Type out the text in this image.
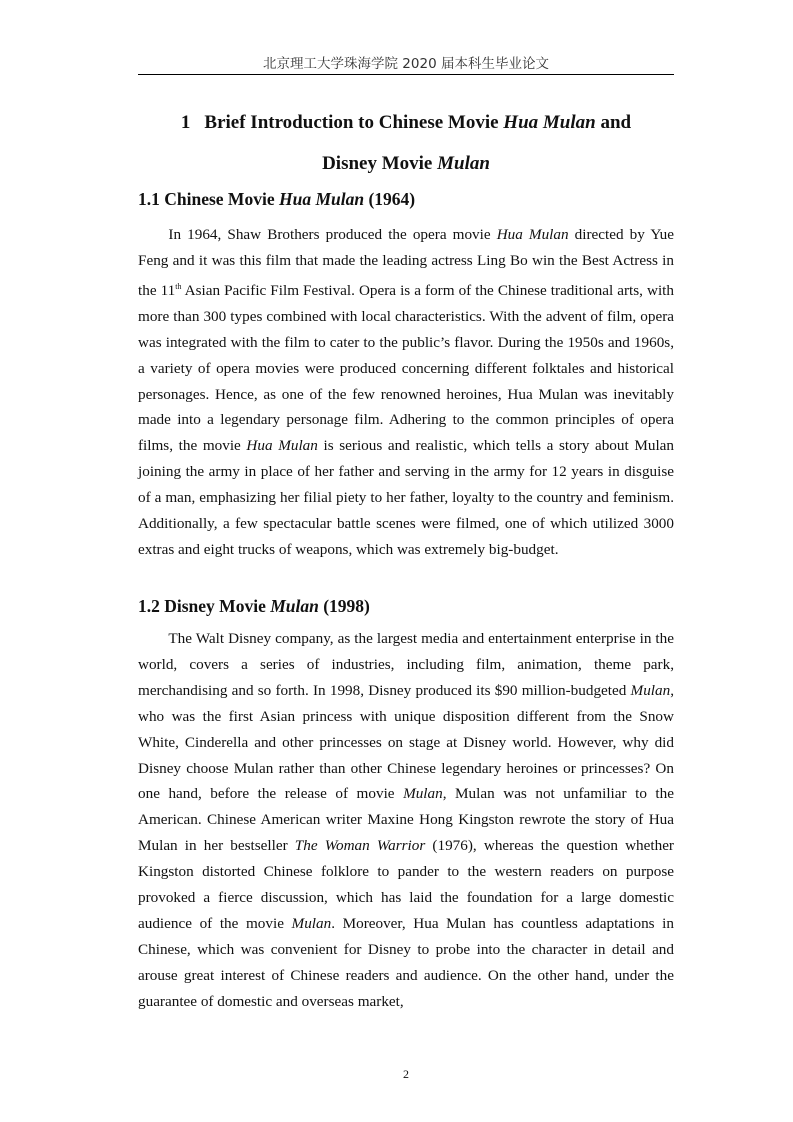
北京理工大学珠海学院 2020 届本科生毕业论文
1 Brief Introduction to Chinese Movie Hua Mulan and
Disney Movie Mulan
1.1 Chinese Movie Hua Mulan (1964)

In 1964, Shaw Brothers produced the opera movie Hua Mulan directed by Yue Feng and it was this film that made the leading actress Ling Bo win the Best Actress in the 11th Asian Pacific Film Festival. Opera is a form of the Chinese traditional arts, with more than 300 types combined with local characteristics. With the advent of film, opera was integrated with the film to cater to the public’s flavor. During the 1950s and 1960s, a variety of opera movies were produced concerning different folktales and historical personages. Hence, as one of the few renowned heroines, Hua Mulan was inevitably made into a legendary personage film. Adhering to the common principles of opera films, the movie Hua Mulan is serious and realistic, which tells a story about Mulan joining the army in place of her father and serving in the army for 12 years in disguise of a man, emphasizing her filial piety to her father, loyalty to the country and feminism. Additionally, a few spectacular battle scenes were filmed, one of which utilized 3000 extras and eight trucks of weapons, which was extremely big-budget.

1.2 Disney Movie Mulan (1998)

The Walt Disney company, as the largest media and entertainment enterprise in the world, covers a series of industries, including film, animation, theme park, merchandising and so forth. In 1998, Disney produced its $90 million-budgeted Mulan, who was the first Asian princess with unique disposition different from the Snow White, Cinderella and other princesses on stage at Disney world. However, why did Disney choose Mulan rather than other Chinese legendary heroines or princesses? On one hand, before the release of movie Mulan, Mulan was not unfamiliar to the American. Chinese American writer Maxine Hong Kingston rewrote the story of Hua Mulan in her bestseller The Woman Warrior (1976), whereas the question whether Kingston distorted Chinese folklore to pander to the western readers on purpose provoked a fierce discussion, which has laid the foundation for a large domestic audience of the movie Mulan. Moreover, Hua Mulan has countless adaptations in Chinese, which was convenient for Disney to probe into the character in detail and arouse great interest of Chinese readers and audience. On the other hand, under the guarantee of domestic and overseas market,

2
